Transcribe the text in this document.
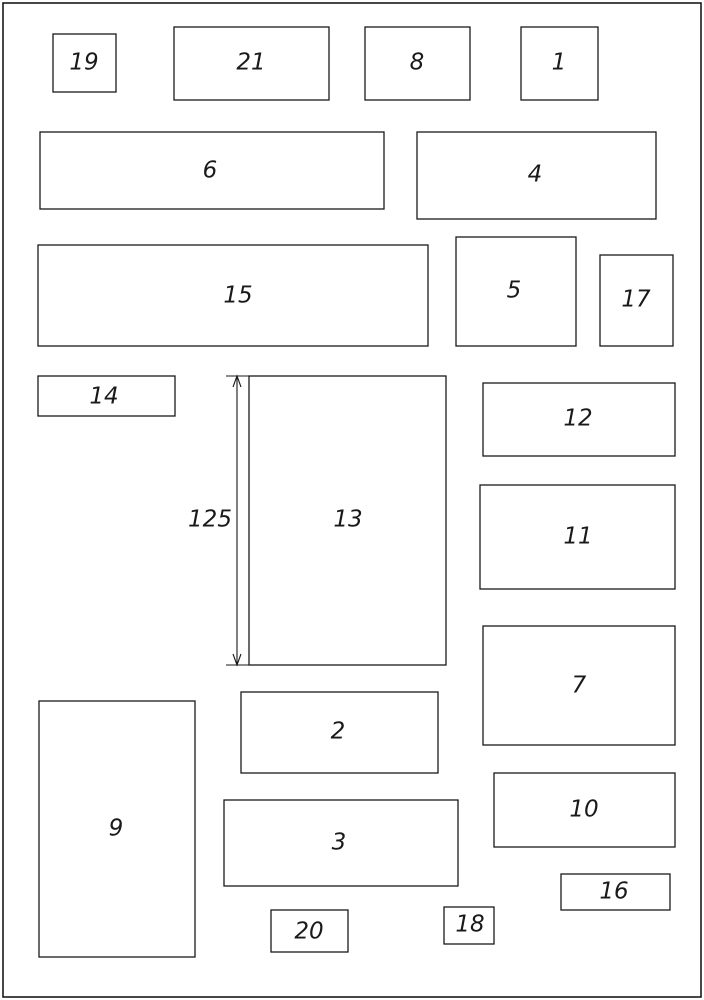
19	21	8	1
6	4
15	5	17
14
13
12
11
7
2
9
3
10
16
20	18
125
